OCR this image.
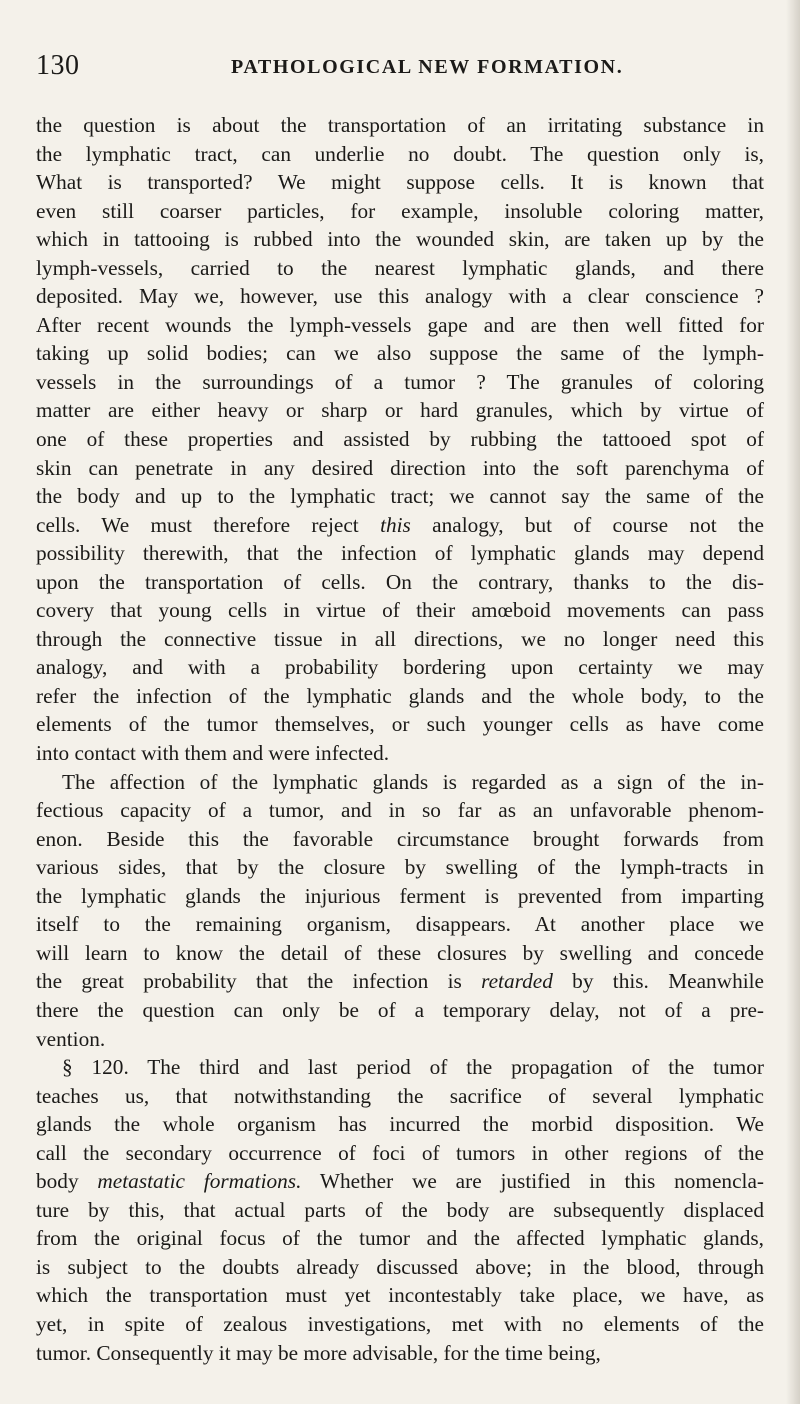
130	PATHOLOGICAL NEW FORMATION.
the question is about the transportation of an irritating substance in
the lymphatic tract, can underlie no doubt. The question only is,
What is transported? We might suppose cells. It is known that
even still coarser particles, for example, insoluble coloring matter,
which in tattooing is rubbed into the wounded skin, are taken up by the
lymph-vessels, carried to the nearest lymphatic glands, and there
deposited. May we, however, use this analogy with a clear conscience ?
After recent wounds the lymph-vessels gape and are then well fitted for
taking up solid bodies; can we also suppose the same of the lymph-
vessels in the surroundings of a tumor ? The granules of coloring
matter are either heavy or sharp or hard granules, which by virtue of
one of these properties and assisted by rubbing the tattooed spot of
skin can penetrate in any desired direction into the soft parenchyma of
the body and up to the lymphatic tract; we cannot say the same of the
cells. We must therefore reject this analogy, but of course not the
possibility therewith, that the infection of lymphatic glands may depend
upon the transportation of cells. On the contrary, thanks to the dis-
covery that young cells in virtue of their amœboid movements can pass
through the connective tissue in all directions, we no longer need this
analogy, and with a probability bordering upon certainty we may
refer the infection of the lymphatic glands and the whole body, to the
elements of the tumor themselves, or such younger cells as have come
into contact with them and were infected.
The affection of the lymphatic glands is regarded as a sign of the in-
fectious capacity of a tumor, and in so far as an unfavorable phenom-
enon. Beside this the favorable circumstance brought forwards from
various sides, that by the closure by swelling of the lymph-tracts in
the lymphatic glands the injurious ferment is prevented from imparting
itself to the remaining organism, disappears. At another place we
will learn to know the detail of these closures by swelling and concede
the great probability that the infection is retarded by this. Meanwhile
there the question can only be of a temporary delay, not of a pre-
vention.
§ 120. The third and last period of the propagation of the tumor
teaches us, that notwithstanding the sacrifice of several lymphatic
glands the whole organism has incurred the morbid disposition. We
call the secondary occurrence of foci of tumors in other regions of the
body metastatic formations. Whether we are justified in this nomencla-
ture by this, that actual parts of the body are subsequently displaced
from the original focus of the tumor and the affected lymphatic glands,
is subject to the doubts already discussed above; in the blood, through
which the transportation must yet incontestably take place, we have, as
yet, in spite of zealous investigations, met with no elements of the
tumor. Consequently it may be more advisable, for the time being,
